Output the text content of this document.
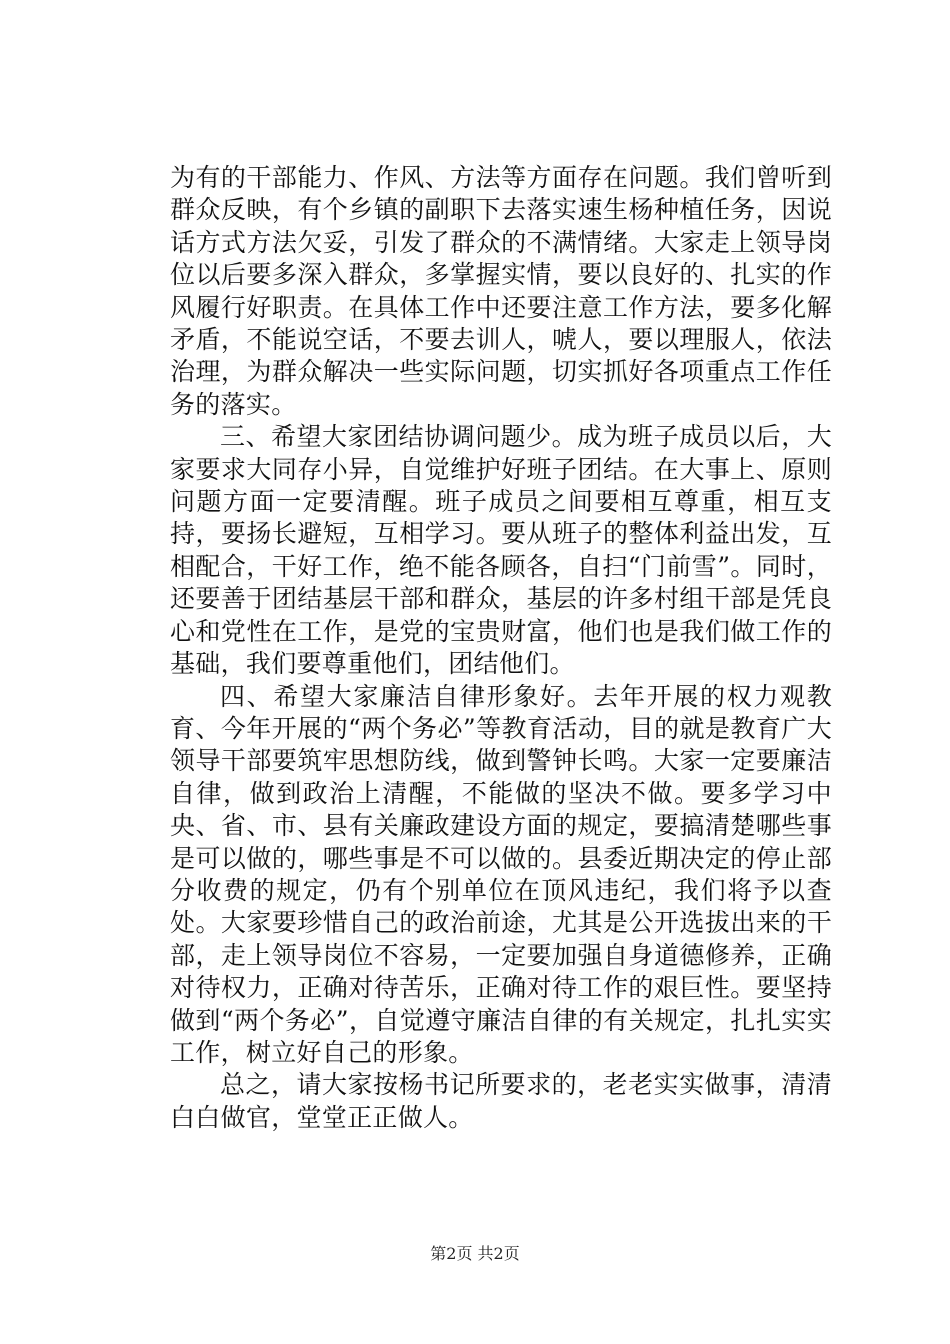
为有的干部能力、作风、方法等方面存在问题。我们曾听到群众反映，有个乡镇的副职下去落实速生杨种植任务，因说话方式方法欠妥，引发了群众的不满情绪。大家走上领导岗位以后要多深入群众，多掌握实情，要以良好的、扎实的作风履行好职责。在具体工作中还要注意工作方法，要多化解矛盾，不能说空话，不要去训人，唬人，要以理服人，依法治理，为群众解决一些实际问题，切实抓好各项重点工作任务的落实。

三、希望大家团结协调问题少。成为班子成员以后，大家要求大同存小异，自觉维护好班子团结。在大事上、原则问题方面一定要清醒。班子成员之间要相互尊重，相互支持，要扬长避短，互相学习。要从班子的整体利益出发，互相配合，干好工作，绝不能各顾各，自扫“门前雪”。同时，还要善于团结基层干部和群众，基层的许多村组干部是凭良心和党性在工作，是党的宝贵财富，他们也是我们做工作的基础，我们要尊重他们，团结他们。

四、希望大家廉洁自律形象好。去年开展的权力观教育、今年开展的“两个务必”等教育活动，目的就是教育广大领导干部要筑牢思想防线，做到警钟长鸣。大家一定要廉洁自律，做到政治上清醒，不能做的坚决不做。要多学习中央、省、市、县有关廉政建设方面的规定，要搞清楚哪些事是可以做的，哪些事是不可以做的。县委近期决定的停止部分收费的规定，仍有个别单位在顶风违纪，我们将予以查处。大家要珍惜自己的政治前途，尤其是公开选拔出来的干部，走上领导岗位不容易，一定要加强自身道德修养，正确对待权力，正确对待苦乐，正确对待工作的艰巨性。要坚持做到“两个务必”，自觉遵守廉洁自律的有关规定，扎扎实实工作，树立好自己的形象。

总之，请大家按杨书记所要求的，老老实实做事，清清白白做官，堂堂正正做人。

第2页 共2页
